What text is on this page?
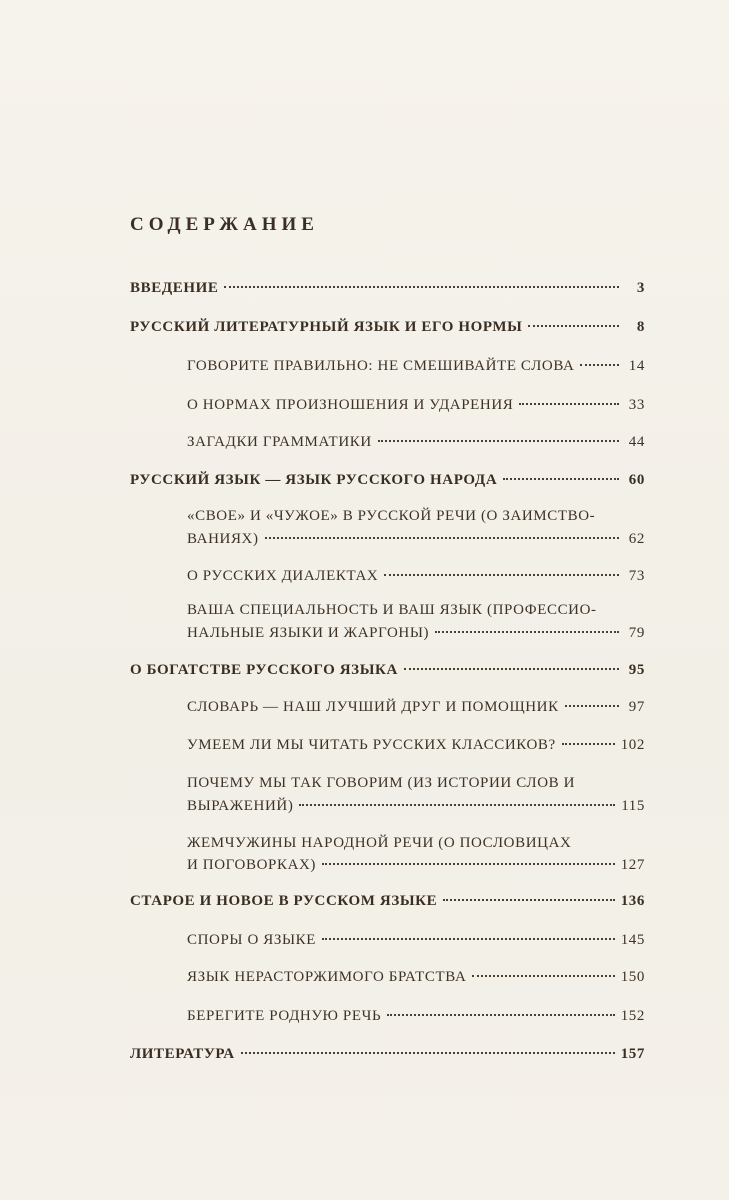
СОДЕРЖАНИЕ
ВВЕДЕНИЕ	3
РУССКИЙ ЛИТЕРАТУРНЫЙ ЯЗЫК И ЕГО НОРМЫ	8
ГОВОРИТЕ ПРАВИЛЬНО: НЕ СМЕШИВАЙТЕ СЛОВА	14
О НОРМАХ ПРОИЗНОШЕНИЯ И УДАРЕНИЯ	33
ЗАГАДКИ ГРАММАТИКИ	44
РУССКИЙ ЯЗЫК — ЯЗЫК РУССКОГО НАРОДА	60
«СВОЕ» И «ЧУЖОЕ» В РУССКОЙ РЕЧИ (О ЗАИМСТВО-
ВАНИЯХ)	62
О РУССКИХ ДИАЛЕКТАХ	73
ВАША СПЕЦИАЛЬНОСТЬ И ВАШ ЯЗЫК (ПРОФЕССИО-
НАЛЬНЫЕ ЯЗЫКИ И ЖАРГОНЫ)	79
О БОГАТСТВЕ РУССКОГО ЯЗЫКА	95
СЛОВАРЬ — НАШ ЛУЧШИЙ ДРУГ И ПОМОЩНИК	97
УМЕЕМ ЛИ МЫ ЧИТАТЬ РУССКИХ КЛАССИКОВ?	102
ПОЧЕМУ МЫ ТАК ГОВОРИМ (ИЗ ИСТОРИИ СЛОВ И
ВЫРАЖЕНИЙ)	115
ЖЕМЧУЖИНЫ НАРОДНОЙ РЕЧИ (О ПОСЛОВИЦАХ
И ПОГОВОРКАХ)	127
СТАРОЕ И НОВОЕ В РУССКОМ ЯЗЫКЕ	136
СПОРЫ О ЯЗЫКЕ	145
ЯЗЫК НЕРАСТОРЖИМОГО БРАТСТВА	150
БЕРЕГИТЕ РОДНУЮ РЕЧЬ	152
ЛИТЕРАТУРА	157
